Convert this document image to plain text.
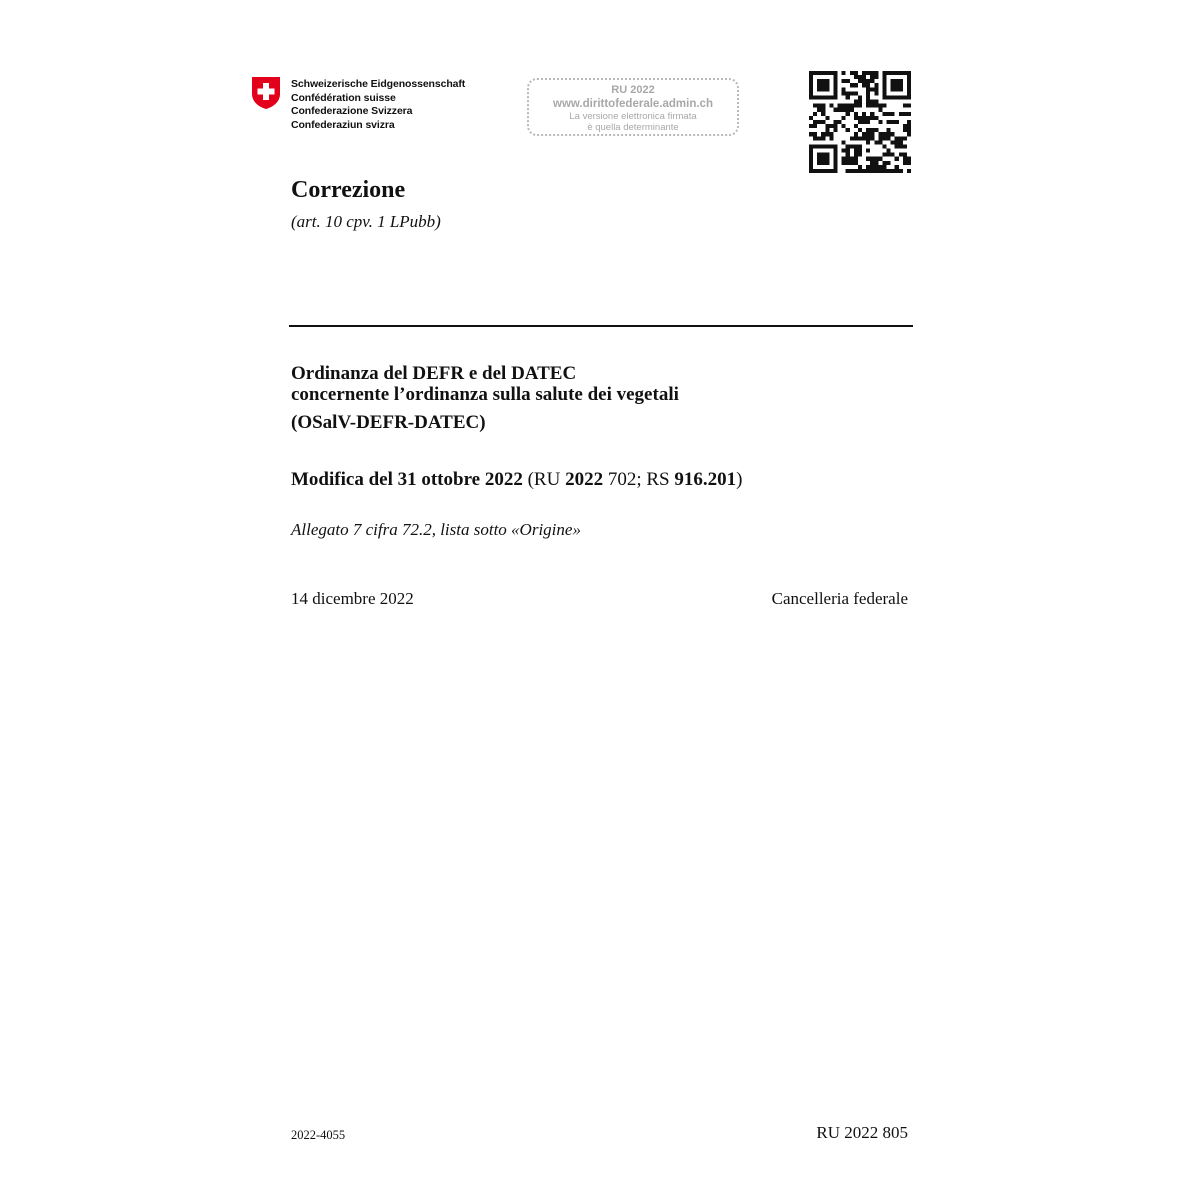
Schweizerische Eidgenossenschaft
Confédération suisse
Confederazione Svizzera
Confederaziun svizra
RU 2022
www.dirittofederale.admin.ch
La versione elettronica firmata
è quella determinante
Correzione
(art. 10 cpv. 1 LPubb)
Ordinanza del DEFR e del DATEC
concernente l’ordinanza sulla salute dei vegetali
(OSalV-DEFR-DATEC)
Modifica del 31 ottobre 2022 (RU 2022 702; RS 916.201)
Allegato 7 cifra 72.2, lista sotto «Origine»
14 dicembre 2022	Cancelleria federale
2022-4055	RU 2022 805
